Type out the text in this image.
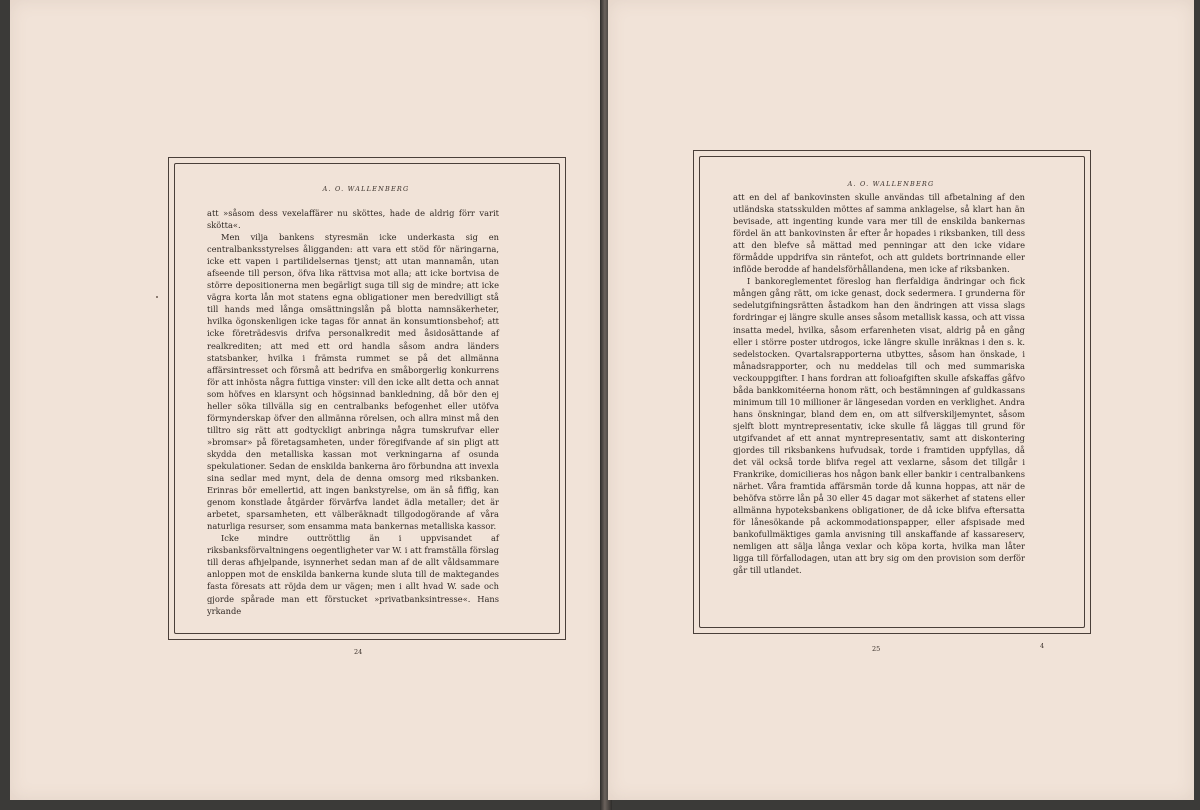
A. O. WALLENBERG

att »såsom dess vexelaffärer nu sköttes, hade de aldrig förr varit skötta«.

Men vilja bankens styresmän icke underkasta sig en centralbanksstyrelses åligganden: att vara ett stöd för näringarna, icke ett vapen i partilidelsernas tjenst; att utan mannamån, utan afseende till person, öfva lika rättvisa mot alla; att icke bortvisa de större depositionerna men begärligt suga till sig de mindre; att icke vägra korta lån mot statens egna obligationer men beredvilligt stå till hands med långa omsättningslån på blotta namnsäkerheter, hvilka ögonskenligen icke tagas för annat än konsumtionsbehof; att icke företrädesvis drifva personalkredit med åsidosättande af realkrediten; att med ett ord handla såsom andra länders statsbanker, hvilka i främsta rummet se på det allmänna affärsintresset och försmå att bedrifva en småborgerlig konkurrens för att inhösta några futtiga vinster: vill den icke allt detta och annat som höfves en klarsynt och högsinnad bankledning, då bör den ej heller söka tillvälla sig en centralbanks befogenhet eller utöfva förmynderskap öfver den allmänna rörelsen, och allra minst må den tilltro sig rätt att godtyckligt anbringa några tumskrufvar eller »bromsar» på företagsamheten, under föregifvande af sin pligt att skydda den metalliska kassan mot verkningarna af osunda spekulationer. Sedan de enskilda bankerna äro förbundna att invexla sina sedlar med mynt, dela de denna omsorg med riksbanken. Erinras bör emellertid, att ingen bankstyrelse, om än så fiffig, kan genom konstlade åtgärder förvärfva landet ädla metaller; det är arbetet, sparsamheten, ett välberäknadt tillgodogörande af våra naturliga resurser, som ensamma mata bankernas metalliska kassor.

Icke mindre outtröttlig än i uppvisandet af riksbanksförvaltningens oegentligheter var W. i att framställa förslag till deras afhjelpande, isynnerhet sedan man af de allt våldsammare anloppen mot de enskilda bankerna kunde sluta till de maktegandes fasta föresats att röjda dem ur vägen; men i allt hvad W. sade och gjorde spårade man ett förstucket »privatbanksintresse«. Hans yrkande

24
A. O. WALLENBERG

att en del af bankovinsten skulle användas till afbetalning af den utländska statsskulden möttes af samma anklagelse, så klart han än bevisade, att ingenting kunde vara mer till de enskilda bankernas fördel än att bankovinsten år efter år hopades i riksbanken, till dess att den blefve så mättad med penningar att den icke vidare förmådde uppdrifva sin räntefot, och att guldets bortrinnande eller inflöde berodde af handelsförhållandena, men icke af riksbanken.

I bankoreglementet föreslog han flerfaldiga ändringar och fick mången gång rätt, om icke genast, dock sedermera. I grunderna för sedelutgifningsrätten åstadkom han den ändringen att vissa slags fordringar ej längre skulle anses såsom metallisk kassa, och att vissa insatta medel, hvilka, såsom erfarenheten visat, aldrig på en gång eller i större poster utdrogos, icke längre skulle inräknas i den s. k. sedelstocken. Qvartalsrapporterna utbyttes, såsom han önskade, i månadsrapporter, och nu meddelas till och med summariska veckouppgifter. I hans fordran att folioafgiften skulle afskaffas gåfvo båda bankkomitéerna honom rätt, och bestämningen af guldkassans minimum till 10 millioner är längesedan vorden en verklighet. Andra hans önskningar, bland dem en, om att silfverskiljemyntet, såsom sjelft blott myntrepresentativ, icke skulle få läggas till grund för utgifvandet af ett annat myntrepresentativ, samt att diskontering gjordes till riksbankens hufvudsak, torde i framtiden uppfyllas, då det väl också torde blifva regel att vexlarne, såsom det tillgår i Frankrike, domicilieras hos någon bank eller bankir i centralbankens närhet. Våra framtida affärsmän torde då kunna hoppas, att när de behöfva större lån på 30 eller 45 dagar mot säkerhet af statens eller allmänna hypoteksbankens obligationer, de då icke blifva eftersatta för lånesökande på ackommodationspapper, eller afspisade med bankofullmäktiges gamla anvisning till anskaffande af kassareserv, nemligen att sälja långa vexlar och köpa korta, hvilka man låter ligga till förfallodagen, utan att bry sig om den provision som derför går till utlandet.

25	4
